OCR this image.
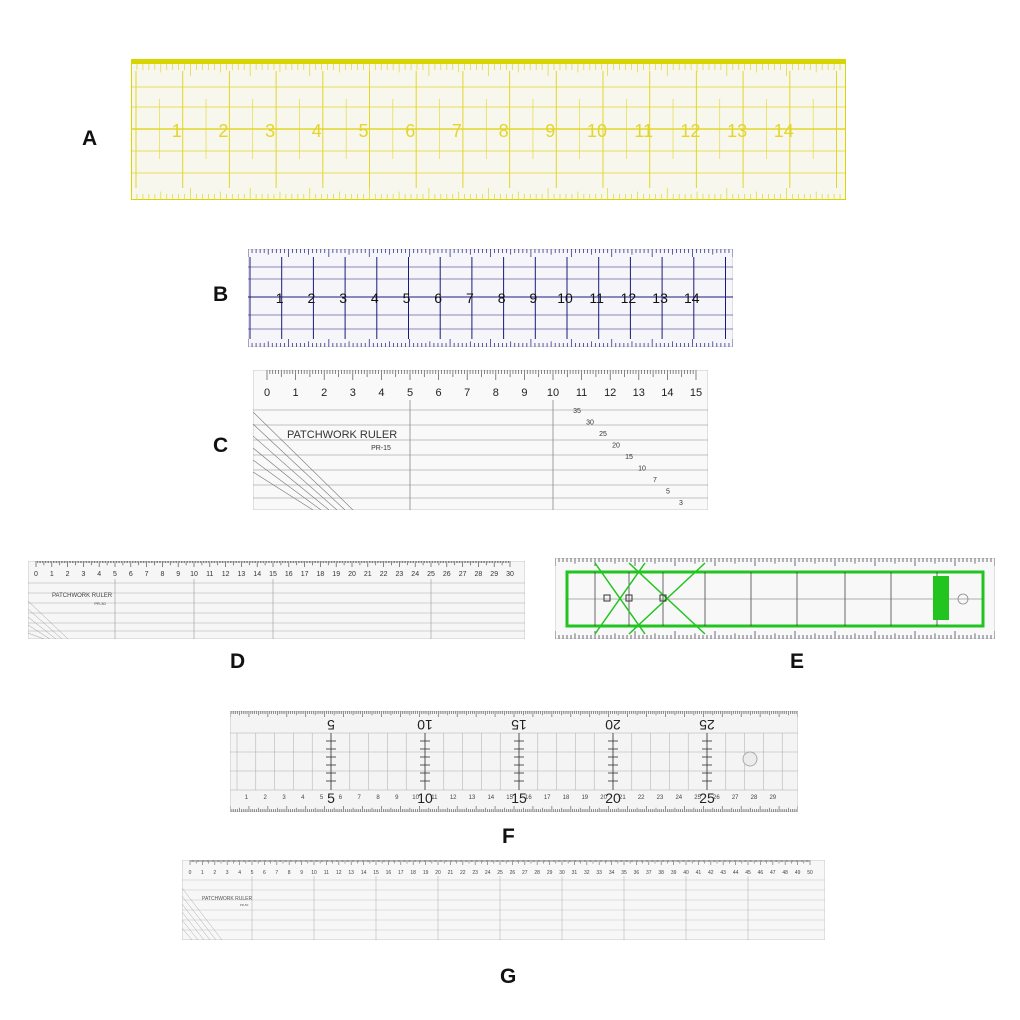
A
B
C
D	E
F
G
1 2 3 4 5 6 7 8 9 10 11 12 13 14
1 2 3 4 5 6 7 8 9 10 11 12 13 14
0 1 2 3 4 5 6 7 8 9 10 11 12 13 14 15
PATCHWORK RULER
PR-15
35
30
25
20
15
10
7
5
3
0 1 2 3 4 5 6 7 8 9 10 11 12 13 14 15 16 17 18 19 20 21 22 23 24 25 26 27 28 29 30
PATCHWORK RULER
PR-30
5
5
10
10
15
15
20
20
25
25
1	2	3	4	5	6	7	8	9 10 11 12 13 14 15 16 17 18 19 20 21 22 23 24 25 26 27 28 29
0 1 2 3 4 5 6 7 8 9 10 11 12 13 14 15 16 17 18 19 20 21 22 23 24 25 26 27 28 29 30 31 32 33 34 35 36 37 38 39 40 41 42 43 44 45 46 47 48 49 50
PATCHWORK RULER
PR-50
